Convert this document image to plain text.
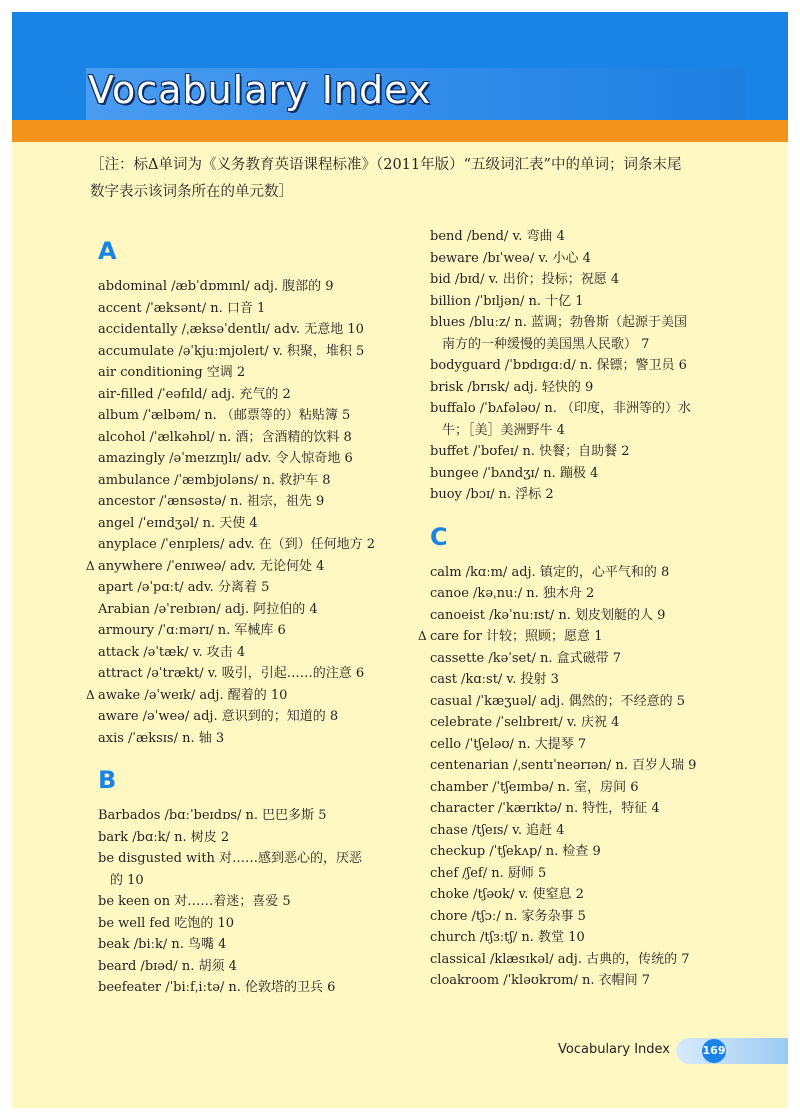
Vocabulary Index
［注：标Δ单词为《义务教育英语课程标准》（2011年版）“五级词汇表”中的单词；词条末尾
数字表示该词条所在的单元数］
A
abdominal /æbˈdɒmɪnl/ adj. 腹部的 9
accent /ˈæksənt/ n. 口音 1
accidentally /ˌæksəˈdentlɪ/ adv. 无意地 10
accumulate /əˈkjuːmjʊleɪt/ v. 积聚，堆积 5
air conditioning 空调 2
air-filled /ˈeəfɪld/ adj. 充气的 2
album /ˈælbəm/ n. （邮票等的）粘贴簿 5
alcohol /ˈælkəhɒl/ n. 酒；含酒精的饮料 8
amazingly /əˈmeɪzɪŋlɪ/ adv. 令人惊奇地 6
ambulance /ˈæmbjʊləns/ n. 救护车 8
ancestor /ˈænsəstə/ n. 祖宗，祖先 9
angel /ˈeɪndʒəl/ n. 天使 4
anyplace /ˈenɪpleɪs/ adv. 在（到）任何地方 2
Δ anywhere /ˈenɪweə/ adv. 无论何处 4
apart /əˈpɑːt/ adv. 分离着 5
Arabian /əˈreɪbɪən/ adj. 阿拉伯的 4
armoury /ˈɑːmərɪ/ n. 军械库 6
attack /əˈtæk/ v. 攻击 4
attract /əˈtrækt/ v. 吸引，引起……的注意 6
Δ awake /əˈweɪk/ adj. 醒着的 10
aware /əˈweə/ adj. 意识到的；知道的 8
axis /ˈæksɪs/ n. 轴 3
B
Barbados /bɑːˈbeɪdɒs/ n. 巴巴多斯 5
bark /bɑːk/ n. 树皮 2
be disgusted with 对……感到恶心的，厌恶
的 10
be keen on 对……着迷；喜爱 5
be well fed 吃饱的 10
beak /biːk/ n. 鸟嘴 4
beard /bɪəd/ n. 胡须 4
beefeater /ˈbiːfˌiːtə/ n. 伦敦塔的卫兵 6
bend /bend/ v. 弯曲 4
beware /bɪˈweə/ v. 小心 4
bid /bɪd/ v. 出价；投标；祝愿 4
billion /ˈbɪljən/ n. 十亿 1
blues /bluːz/ n. 蓝调；勃鲁斯（起源于美国
南方的一种缓慢的美国黑人民歌） 7
bodyguard /ˈbɒdɪgɑːd/ n. 保镖；警卫员 6
brisk /brɪsk/ adj. 轻快的 9
buffalo /ˈbʌfələʊ/ n. （印度，非洲等的）水
牛；［美］美洲野牛 4
buffet /ˈbʊfeɪ/ n. 快餐；自助餐 2
bungee /ˈbʌndʒɪ/ n. 蹦极 4
buoy /bɔɪ/ n. 浮标 2
C
calm /kɑːm/ adj. 镇定的，心平气和的 8
canoe /kəˌnuː/ n. 独木舟 2
canoeist /kəˈnuːɪst/ n. 划皮划艇的人 9
Δ care for 计较；照顾；愿意 1
cassette /kəˈset/ n. 盒式磁带 7
cast /kɑːst/ v. 投射 3
casual /ˈkæʒuəl/ adj. 偶然的；不经意的 5
celebrate /ˈselɪbreɪt/ v. 庆祝 4
cello /ˈtʃeləʊ/ n. 大提琴 7
centenarian /ˌsentɪˈneərɪən/ n. 百岁人瑞 9
chamber /ˈtʃeɪmbə/ n. 室，房间 6
character /ˈkærɪktə/ n. 特性，特征 4
chase /tʃeɪs/ v. 追赶 4
checkup /ˈtʃekʌp/ n. 检查 9
chef /ʃef/ n. 厨师 5
choke /tʃəʊk/ v. 使窒息 2
chore /tʃɔː/ n. 家务杂事 5
church /tʃɜːtʃ/ n. 教堂 10
classical /klæsɪkəl/ adj. 古典的，传统的 7
cloakroom /ˈkləʊkrʊm/ n. 衣帽间 7
Vocabulary Index	169
